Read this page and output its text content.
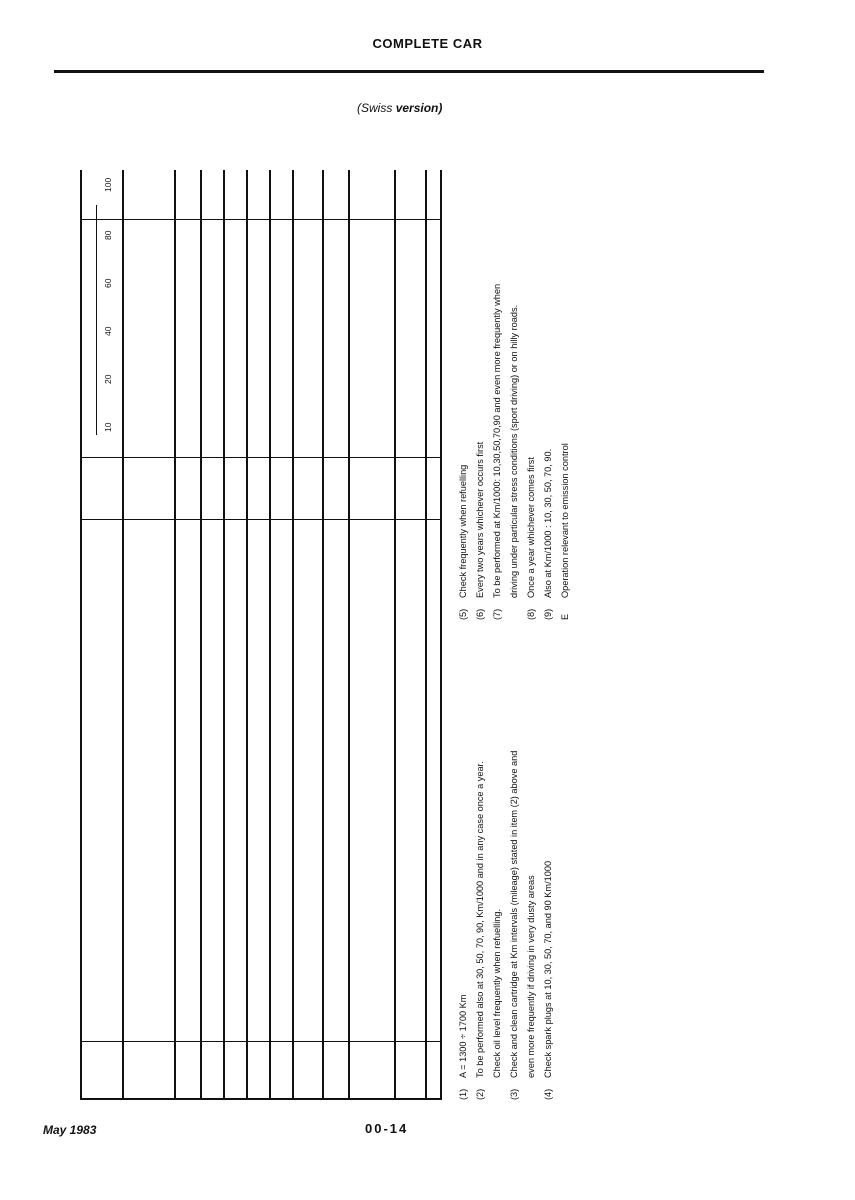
COMPLETE CAR
(Swiss version)
10
20
40
60
80
100
(1)
A = 1300 ÷ 1700 Km
(2)
To be performed also at 30, 50, 70, 90, Km/1000 and in any case once a year. Check oil level frequently when refuelling.
(3)
Check and clean cartridge at Km intervals (mileage) stated in item (2) above and even more frequently if driving in very dusty areas
(4)
Check spark plugs at 10, 30, 50, 70, and 90 Km/1000
(5)
Check frequently when refuelling
(6)
Every two years whichever occurs first
(7)
To be performed at Km/1000: 10,30,50,70,90 and even more frequently when driving under particular stress conditions (sport driving) or on hilly roads.
(8)
Once a year whichever comes first
(9)
Also at Km/1000 : 10, 30, 50, 70, 90.
E
Operation relevant to emission control
May 1983	00-14
